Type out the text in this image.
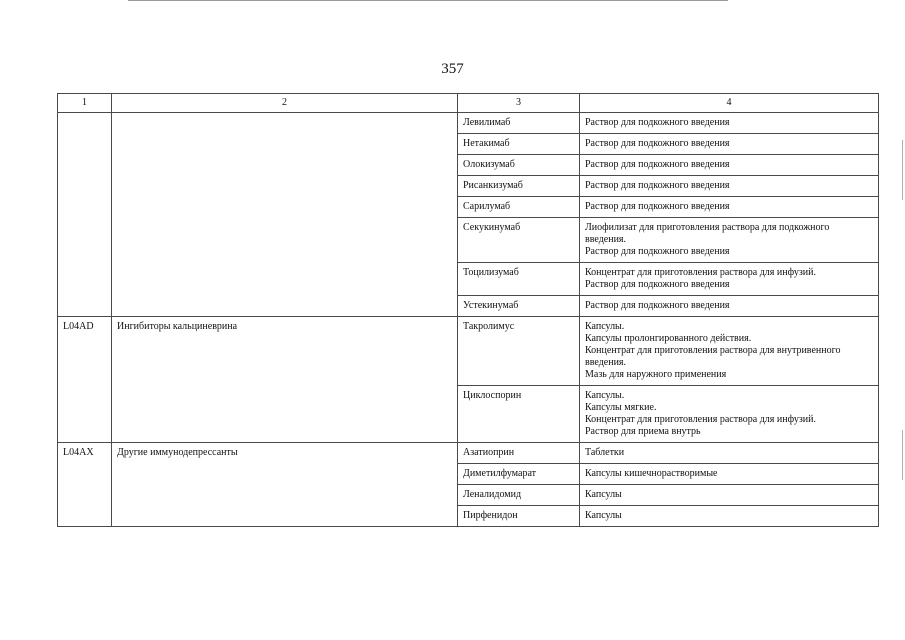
357
1	2	3	4
		Левилимаб	Раствор для подкожного введения
		Нетакимаб	Раствор для подкожного введения
		Олокизумаб	Раствор для подкожного введения
		Рисанкизумаб	Раствор для подкожного введения
		Сарилумаб	Раствор для подкожного введения
		Секукинумаб	Лиофилизат для приготовления раствора для подкожного
введения.
Раствор для подкожного введения
		Тоцилизумаб	Концентрат для приготовления раствора для инфузий.
Раствор для подкожного введения
		Устекинумаб	Раствор для подкожного введения
L04AD	Ингибиторы кальциневрина	Такролимус	Капсулы.
Капсулы пролонгированного действия.
Концентрат для приготовления раствора для внутривенного
введения.
Мазь для наружного применения
		Циклоспорин	Капсулы.
Капсулы мягкие.
Концентрат для приготовления раствора для инфузий.
Раствор для приема внутрь
L04AX	Другие иммунодепрессанты	Азатиоприн	Таблетки
		Диметилфумарат	Капсулы кишечнорастворимые
		Леналидомид	Капсулы
		Пирфенидон	Капсулы
